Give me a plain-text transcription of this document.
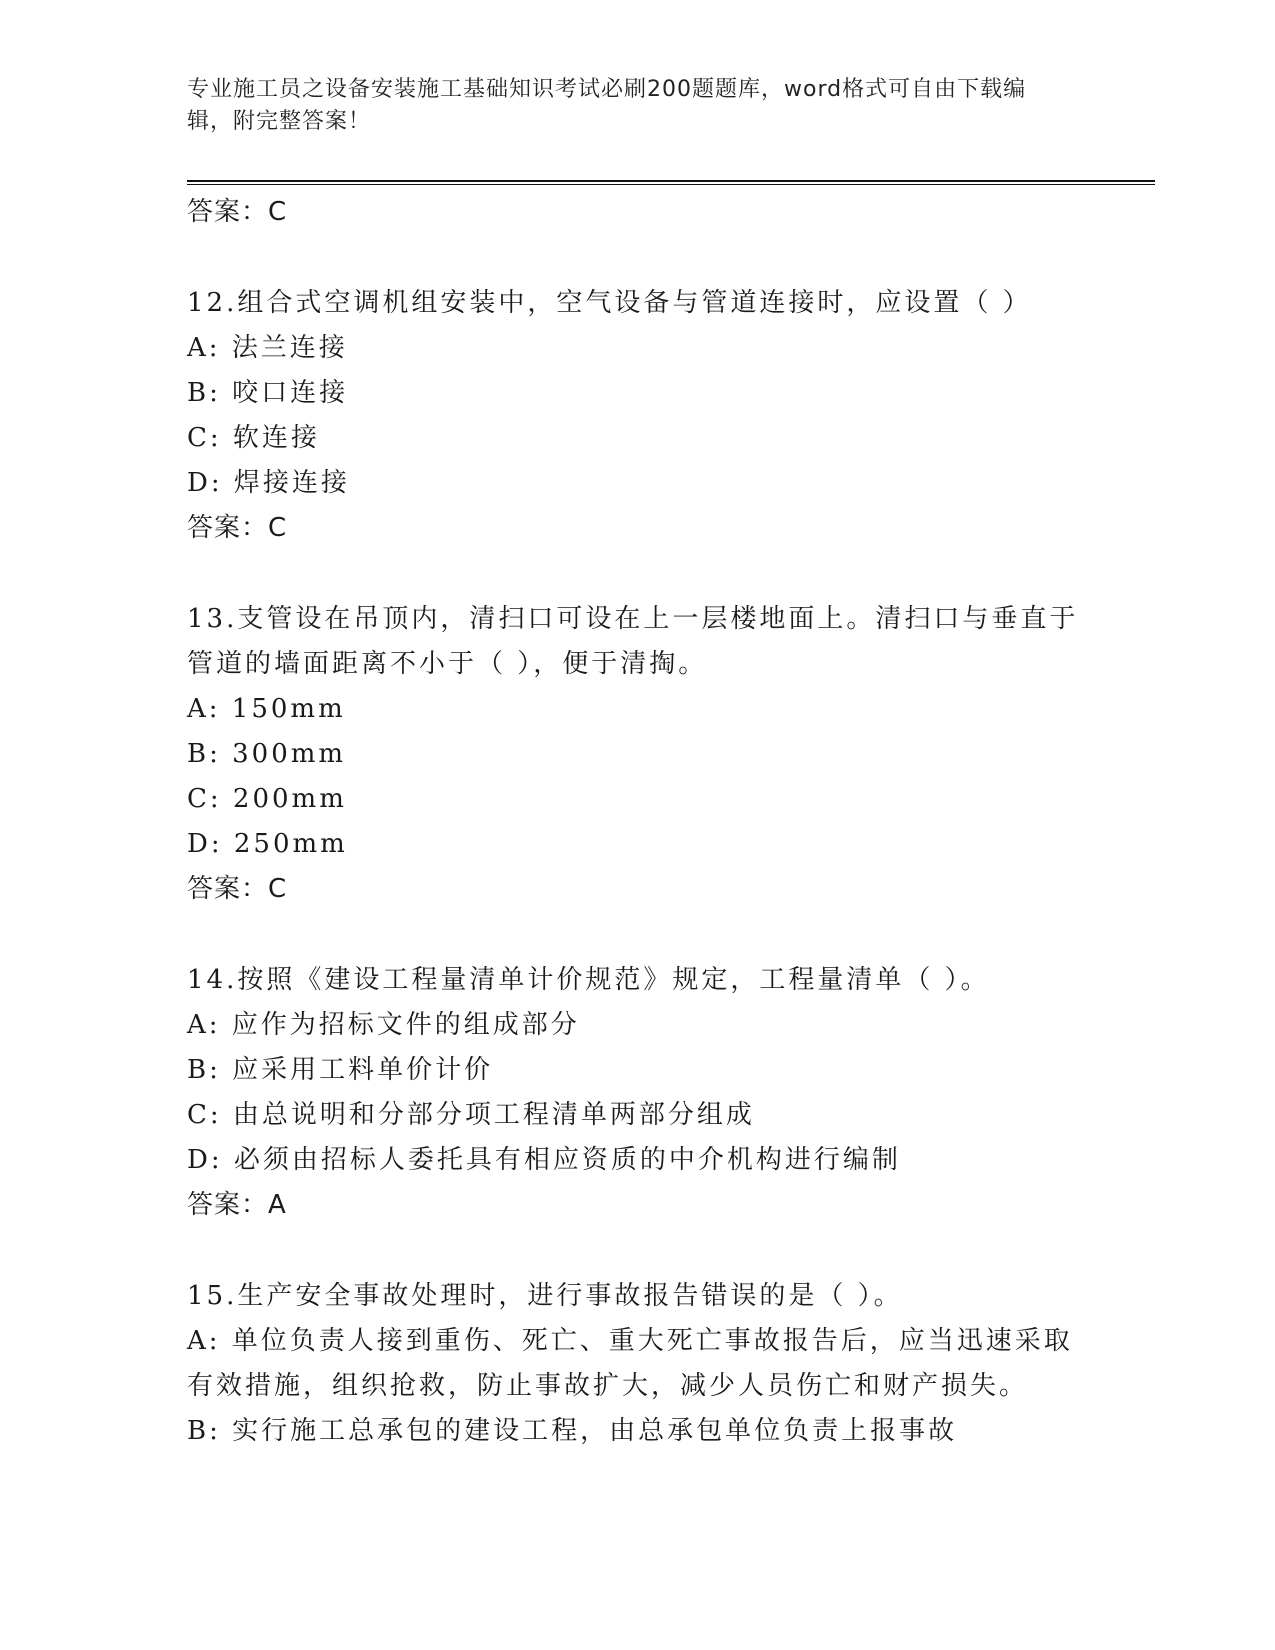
专业施工员之设备安装施工基础知识考试必刷200题题库，word格式可自由下载编辑，附完整答案！
答案：C
12.组合式空调机组安装中，空气设备与管道连接时，应设置（ ）
A: 法兰连接
B: 咬口连接
C: 软连接
D: 焊接连接
答案：C
13.支管设在吊顶内，清扫口可设在上一层楼地面上。清扫口与垂直于
管道的墙面距离不小于（ ），便于清掏。
A: 150mm
B: 300mm
C: 200mm
D: 250mm
答案：C
14.按照《建设工程量清单计价规范》规定，工程量清单（ ）。
A: 应作为招标文件的组成部分
B: 应采用工料单价计价
C: 由总说明和分部分项工程清单两部分组成
D: 必须由招标人委托具有相应资质的中介机构进行编制
答案：A
15.生产安全事故处理时，进行事故报告错误的是（ ）。
A: 单位负责人接到重伤、死亡、重大死亡事故报告后，应当迅速采取
有效措施，组织抢救，防止事故扩大，减少人员伤亡和财产损失。
B: 实行施工总承包的建设工程，由总承包单位负责上报事故
